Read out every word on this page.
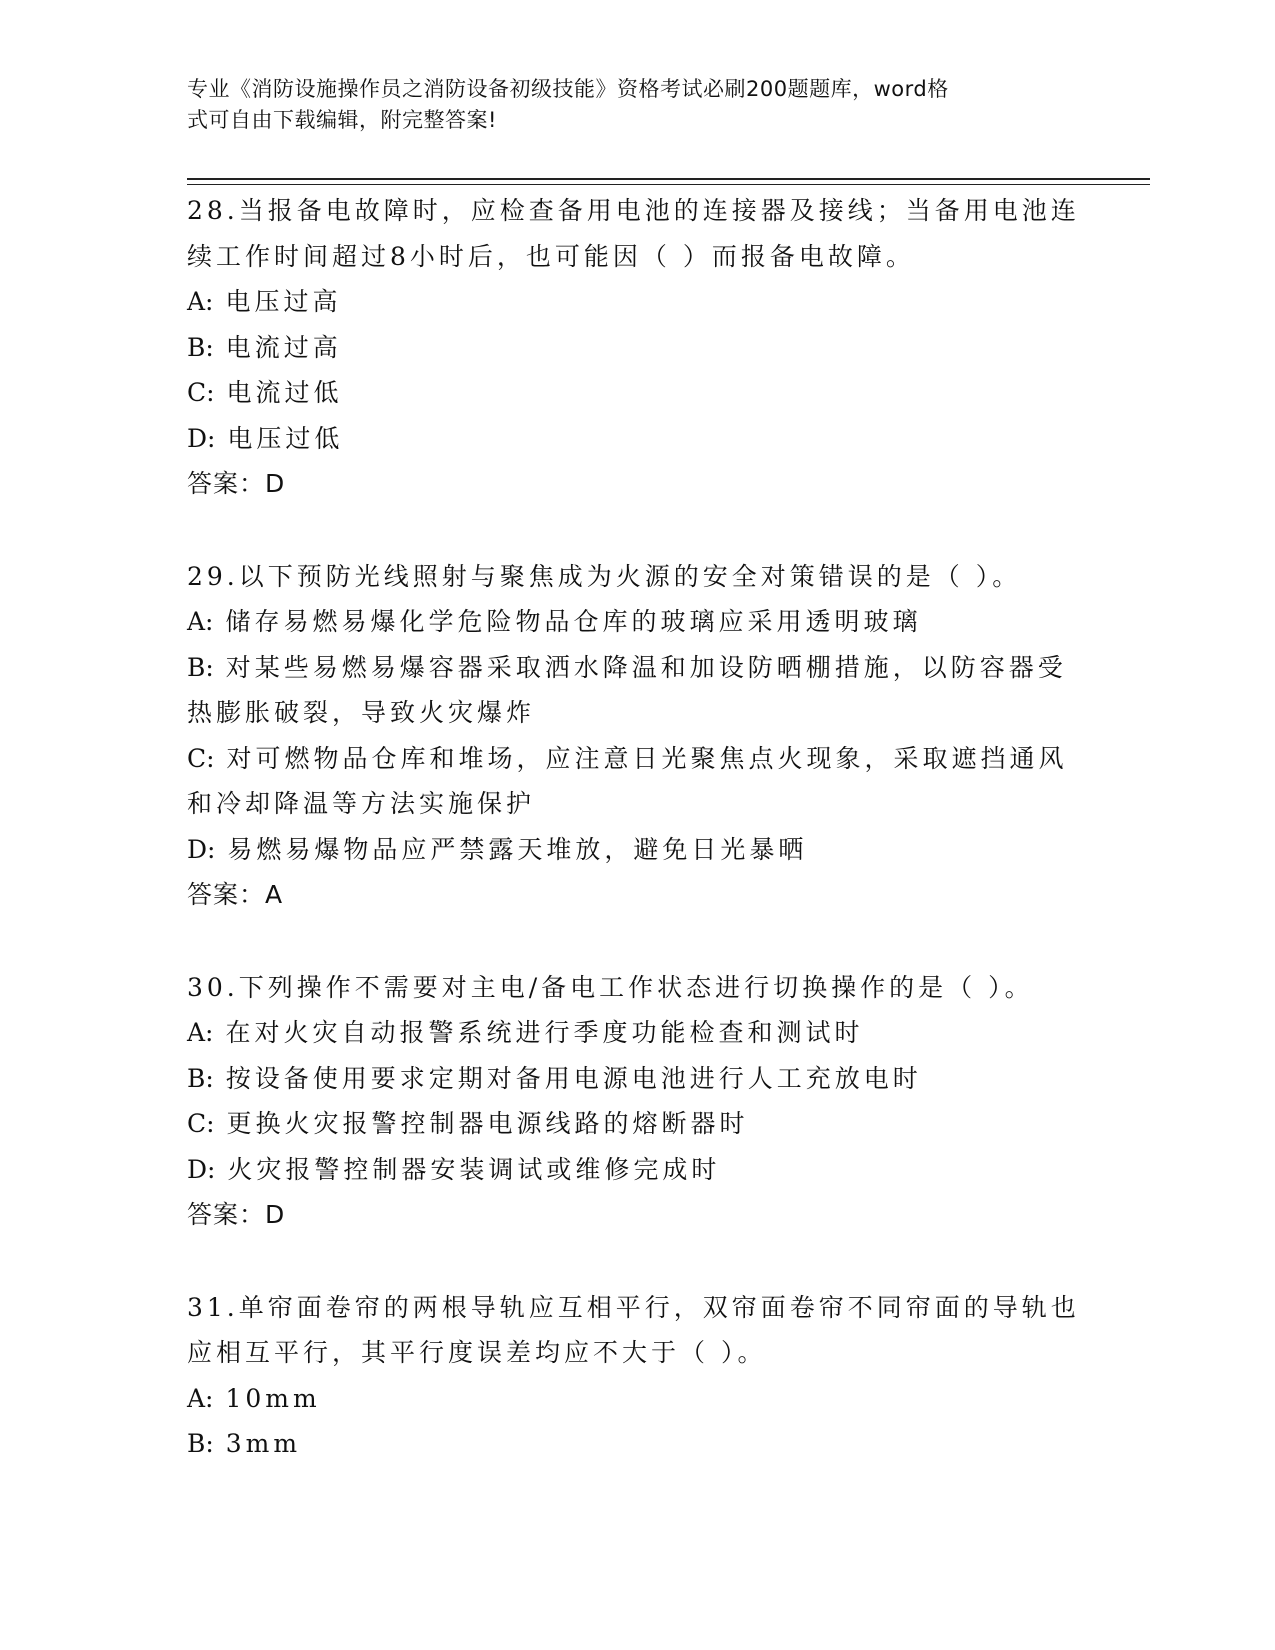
专业《消防设施操作员之消防设备初级技能》资格考试必刷200题题库，word格
式可自由下载编辑，附完整答案!
28.当报备电故障时，应检查备用电池的连接器及接线；当备用电池连
续工作时间超过8小时后，也可能因（ ）而报备电故障。
A: 电压过高
B: 电流过高
C: 电流过低
D: 电压过低
答案：D
29.以下预防光线照射与聚焦成为火源的安全对策错误的是（ ）。
A: 储存易燃易爆化学危险物品仓库的玻璃应采用透明玻璃
B: 对某些易燃易爆容器采取洒水降温和加设防晒棚措施，以防容器受
热膨胀破裂，导致火灾爆炸
C: 对可燃物品仓库和堆场，应注意日光聚焦点火现象，采取遮挡通风
和冷却降温等方法实施保护
D: 易燃易爆物品应严禁露天堆放，避免日光暴晒
答案：A
30.下列操作不需要对主电/备电工作状态进行切换操作的是（ ）。
A: 在对火灾自动报警系统进行季度功能检查和测试时
B: 按设备使用要求定期对备用电源电池进行人工充放电时
C: 更换火灾报警控制器电源线路的熔断器时
D: 火灾报警控制器安装调试或维修完成时
答案：D
31.单帘面卷帘的两根导轨应互相平行，双帘面卷帘不同帘面的导轨也
应相互平行，其平行度误差均应不大于（ ）。
A: 10mm
B: 3mm
